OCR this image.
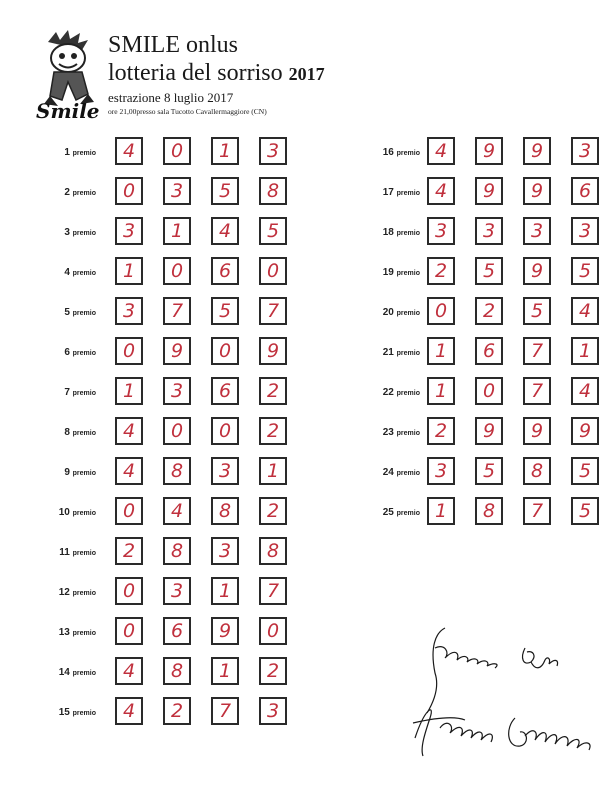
Smile
SMILE onlus
lotteria del sorriso 2017
estrazione 8 luglio 2017
ore 21,00presso sala Tucotto Cavallermaggiore (CN)
1 premio	4	0	1	3
2 premio	0	3	5	8
3 premio	3	1	4	5
4 premio	1	0	6	0
5 premio	3	7	5	7
6 premio	0	9	0	9
7 premio	1	3	6	2
8 premio	4	0	0	2
9 premio	4	8	3	1
10 premio	0	4	8	2
11 premio	2	8	3	8
12 premio	0	3	1	7
13 premio	0	6	9	0
14 premio	4	8	1	2
15 premio	4	2	7	3
16 premio 4	9	9	3
17 premio 4	9	9	6
18 premio 3	3	3	3
19 premio 2	5	9	5
20 premio 0	2	5	4
21 premio 1	6	7	1
22 premio 1	0	7	4
23 premio 2	9	9	9
24 premio 3	5	8	5
25 premio 1	8	7	5
